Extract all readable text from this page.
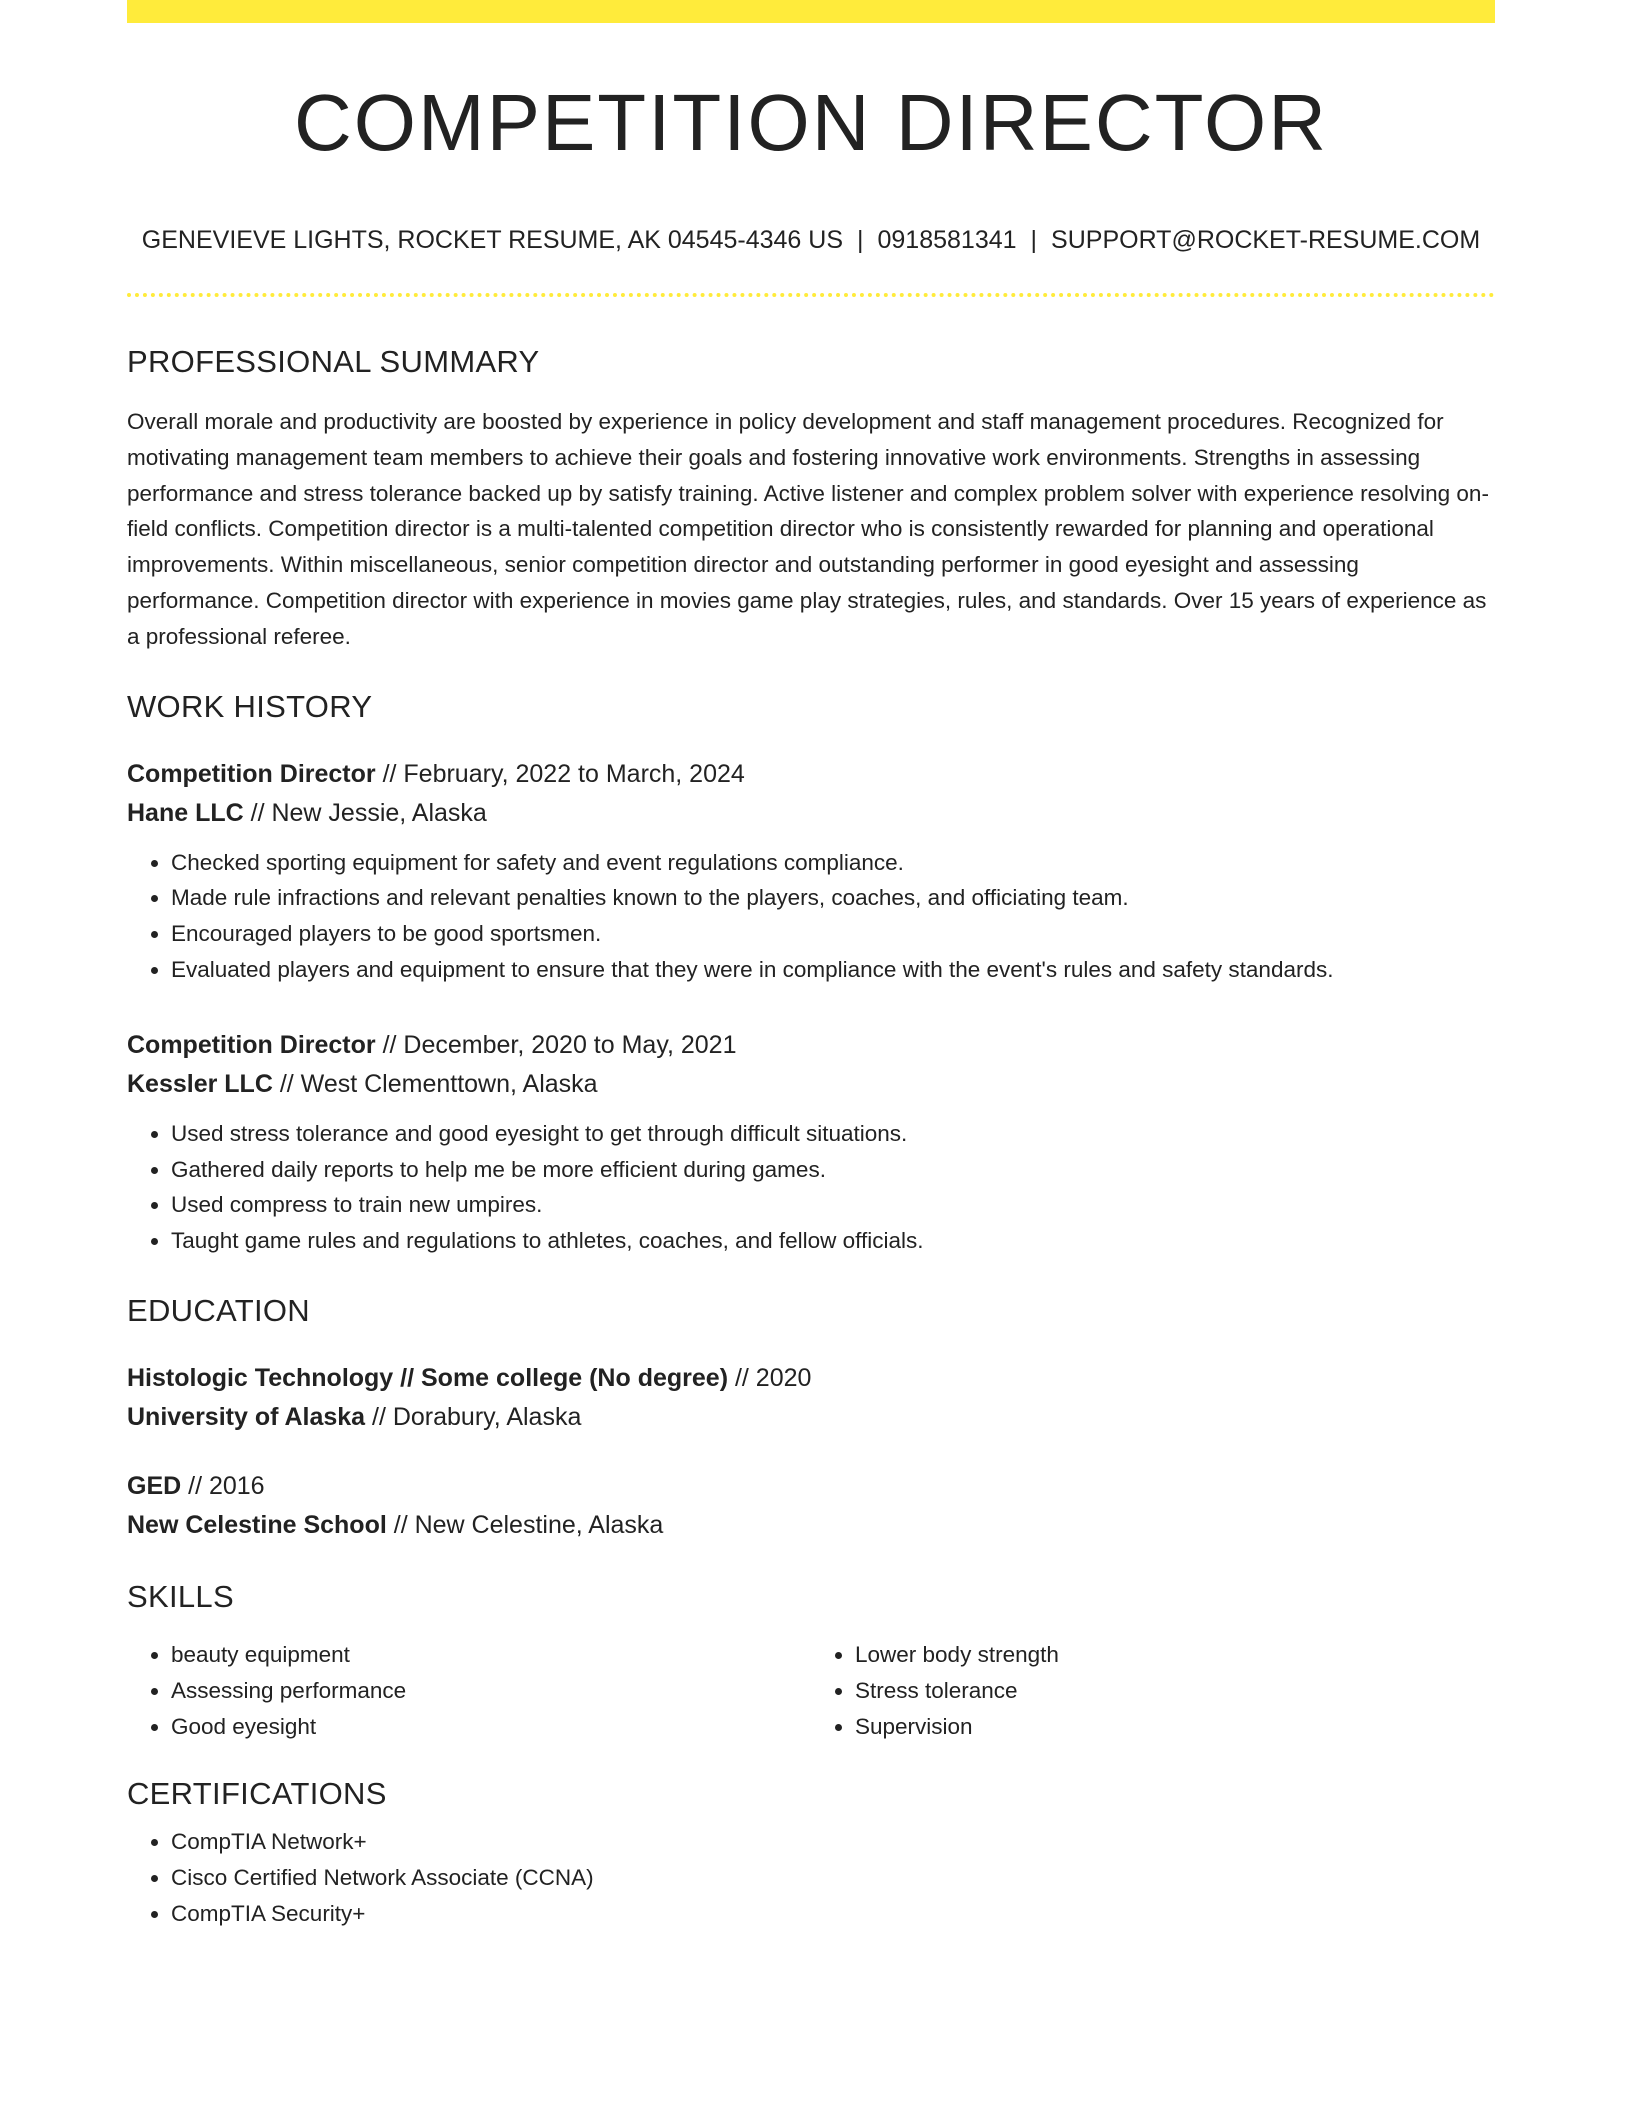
COMPETITION DIRECTOR
GENEVIEVE LIGHTS, ROCKET RESUME, AK 04545-4346 US | 0918581341 | SUPPORT@ROCKET-RESUME.COM
PROFESSIONAL SUMMARY
Overall morale and productivity are boosted by experience in policy development and staff management procedures. Recognized for motivating management team members to achieve their goals and fostering innovative work environments. Strengths in assessing performance and stress tolerance backed up by satisfy training. Active listener and complex problem solver with experience resolving on-field conflicts. Competition director is a multi-talented competition director who is consistently rewarded for planning and operational improvements. Within miscellaneous, senior competition director and outstanding performer in good eyesight and assessing performance. Competition director with experience in movies game play strategies, rules, and standards. Over 15 years of experience as a professional referee.
WORK HISTORY
Competition Director // February, 2022 to March, 2024
Hane LLC // New Jessie, Alaska
• Checked sporting equipment for safety and event regulations compliance.
• Made rule infractions and relevant penalties known to the players, coaches, and officiating team.
• Encouraged players to be good sportsmen.
• Evaluated players and equipment to ensure that they were in compliance with the event's rules and safety standards.
Competition Director // December, 2020 to May, 2021
Kessler LLC // West Clementtown, Alaska
• Used stress tolerance and good eyesight to get through difficult situations.
• Gathered daily reports to help me be more efficient during games.
• Used compress to train new umpires.
• Taught game rules and regulations to athletes, coaches, and fellow officials.
EDUCATION
Histologic Technology // Some college (No degree) // 2020
University of Alaska // Dorabury, Alaska
GED // 2016
New Celestine School // New Celestine, Alaska
SKILLS
• beauty equipment
• Assessing performance
• Good eyesight
• Lower body strength
• Stress tolerance
• Supervision
CERTIFICATIONS
• CompTIA Network+
• Cisco Certified Network Associate (CCNA)
• CompTIA Security+
